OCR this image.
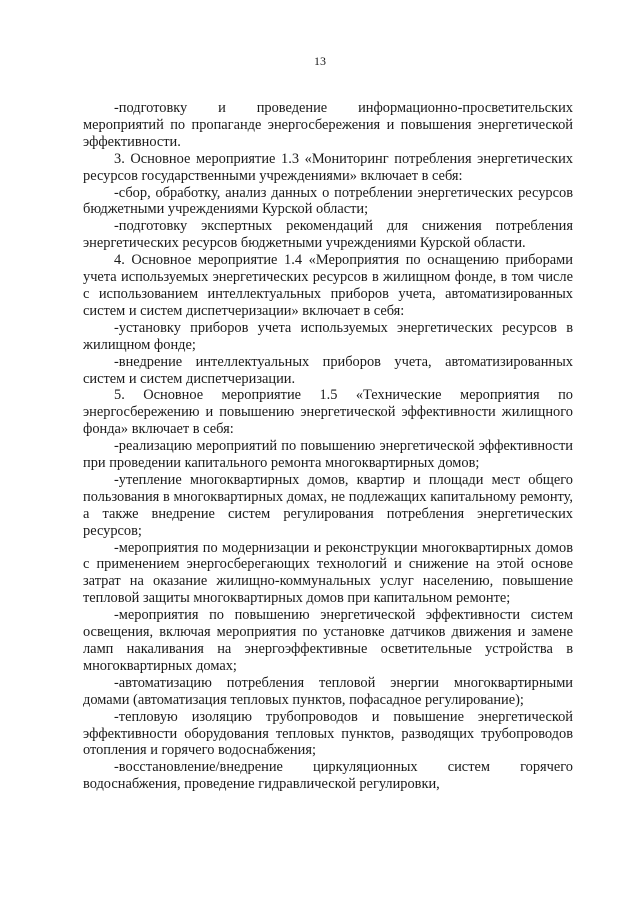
13

-подготовку и проведение информационно-просветительских мероприятий по пропаганде энергосбережения и повышения энергетической эффективности.

3. Основное мероприятие 1.3 «Мониторинг потребления энергетических ресурсов государственными учреждениями» включает в себя:

-сбор, обработку, анализ данных о потреблении энергетических ресурсов бюджетными учреждениями Курской области;

-подготовку экспертных рекомендаций для снижения потребления энергетических ресурсов бюджетными учреждениями Курской области.

4. Основное мероприятие 1.4 «Мероприятия по оснащению приборами учета используемых энергетических ресурсов в жилищном фонде, в том числе с использованием интеллектуальных приборов учета, автоматизированных систем и систем диспетчеризации» включает в себя:

-установку приборов учета используемых энергетических ресурсов в жилищном фонде;

-внедрение интеллектуальных приборов учета, автоматизированных систем и систем диспетчеризации.

5. Основное мероприятие 1.5 «Технические мероприятия по энергосбережению и повышению энергетической эффективности жилищного фонда» включает в себя:

-реализацию мероприятий по повышению энергетической эффективности при проведении капитального ремонта многоквартирных домов;

-утепление многоквартирных домов, квартир и площади мест общего пользования в многоквартирных домах, не подлежащих капитальному ремонту, а также внедрение систем регулирования потребления энергетических ресурсов;

-мероприятия по модернизации и реконструкции многоквартирных домов с применением энергосберегающих технологий и снижение на этой основе затрат на оказание жилищно-коммунальных услуг населению, повышение тепловой защиты многоквартирных домов при капитальном ремонте;

-мероприятия по повышению энергетической эффективности систем освещения, включая мероприятия по установке датчиков движения и замене ламп накаливания на энергоэффективные осветительные устройства в многоквартирных домах;

-автоматизацию потребления тепловой энергии многоквартирными домами (автоматизация тепловых пунктов, пофасадное регулирование);

-тепловую изоляцию трубопроводов и повышение энергетической эффективности оборудования тепловых пунктов, разводящих трубопроводов отопления и горячего водоснабжения;

-восстановление/внедрение циркуляционных систем горячего водоснабжения, проведение гидравлической регулировки,
